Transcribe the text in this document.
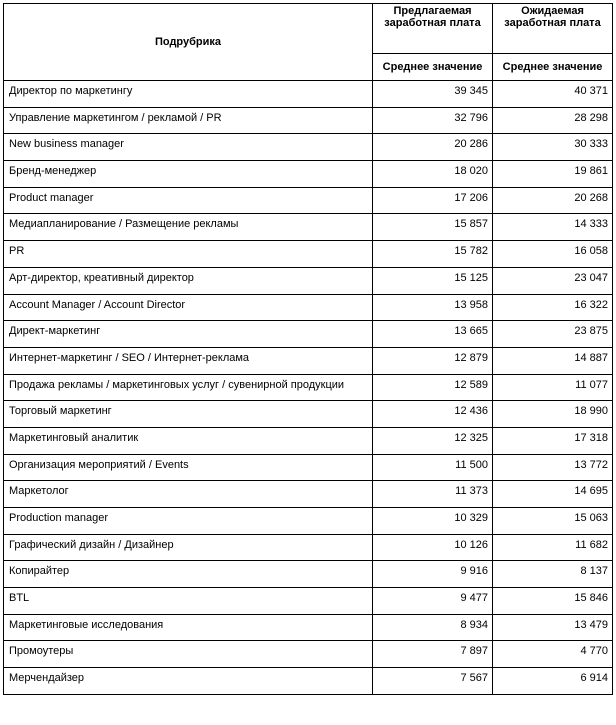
Подрубрика	Предлагаемая заработная плата	Ожидаемая заработная плата
	Среднее значение	Среднее значение
Директор по маркетингу	39 345	40 371
Управление маркетингом / рекламой / PR	32 796	28 298
New business manager	20 286	30 333
Бренд-менеджер	18 020	19 861
Product manager	17 206	20 268
Медиапланирование / Размещение рекламы	15 857	14 333
PR	15 782	16 058
Арт-директор, креативный директор	15 125	23 047
Account Manager / Account Director	13 958	16 322
Директ-маркетинг	13 665	23 875
Интернет-маркетинг / SEO / Интернет-реклама	12 879	14 887
Продажа рекламы / маркетинговых услуг / сувенирной продукции	12 589	11 077
Торговый маркетинг	12 436	18 990
Маркетинговый аналитик	12 325	17 318
Организация мероприятий / Events	11 500	13 772
Маркетолог	11 373	14 695
Production manager	10 329	15 063
Графический дизайн / Дизайнер	10 126	11 682
Копирайтер	9 916	8 137
BTL	9 477	15 846
Маркетинговые исследования	8 934	13 479
Промоутеры	7 897	4 770
Мерчендайзер	7 567	6 914
